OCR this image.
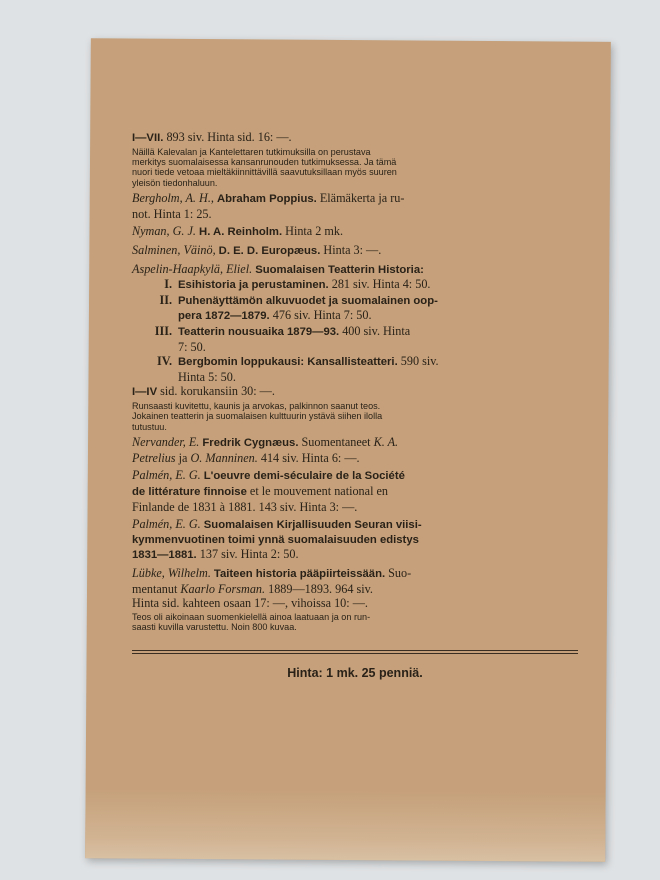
I—VII. 893 siv. Hinta sid. 16: —.
Näillä Kalevalan ja Kantelettaren tutkimuksilla on perustava
merkitys suomalaisessa kansanrunouden tutkimuksessa. Ja tämä
nuori tiede vetoaa mieltäkiinnittävillä saavutuksillaan myös suuren
yleisön tiedonhaluun.
Bergholm, A. H., Abraham Poppius. Elämäkerta ja ru-
not. Hinta 1: 25.
Nyman, G. J. H. A. Reinholm. Hinta 2 mk.
Salminen, Väinö, D. E. D. Europæus. Hinta 3: —.
Aspelin-Haapkylä, Eliel. Suomalaisen Teatterin Historia:
I. Esihistoria ja perustaminen. 281 siv. Hinta 4: 50.
II. Puhenäyttämön alkuvuodet ja suomalainen oop-
pera 1872—1879. 476 siv. Hinta 7: 50.
III. Teatterin nousuaika 1879—93. 400 siv. Hinta
7: 50.
IV. Bergbomin loppukausi: Kansallisteatteri. 590 siv.
Hinta 5: 50.
I—IV sid. korukansiin 30: —.
Runsaasti kuvitettu, kaunis ja arvokas, palkinnon saanut teos.
Jokainen teatterin ja suomalaisen kulttuurin ystävä siihen ilolla
tutustuu.
Nervander, E. Fredrik Cygnæus. Suomentaneet K. A.
Petrelius ja O. Manninen. 414 siv. Hinta 6: —.
Palmén, E. G. L'oeuvre demi-séculaire de la Société
de littérature finnoise et le mouvement national en
Finlande de 1831 à 1881. 143 siv. Hinta 3: —.
Palmén, E. G. Suomalaisen Kirjallisuuden Seuran viisi-
kymmenvuotinen toimi ynnä suomalaisuuden edistys
1831—1881. 137 siv. Hinta 2: 50.
Lübke, Wilhelm. Taiteen historia pääpiirteissään. Suo-
mentanut Kaarlo Forsman. 1889—1893. 964 siv.
Hinta sid. kahteen osaan 17: —, vihoissa 10: —.
Teos oli aikoinaan suomenkielellä ainoa laatuaan ja on run-
saasti kuvilla varustettu. Noin 800 kuvaa.
Hinta: 1 mk. 25 penniä.
